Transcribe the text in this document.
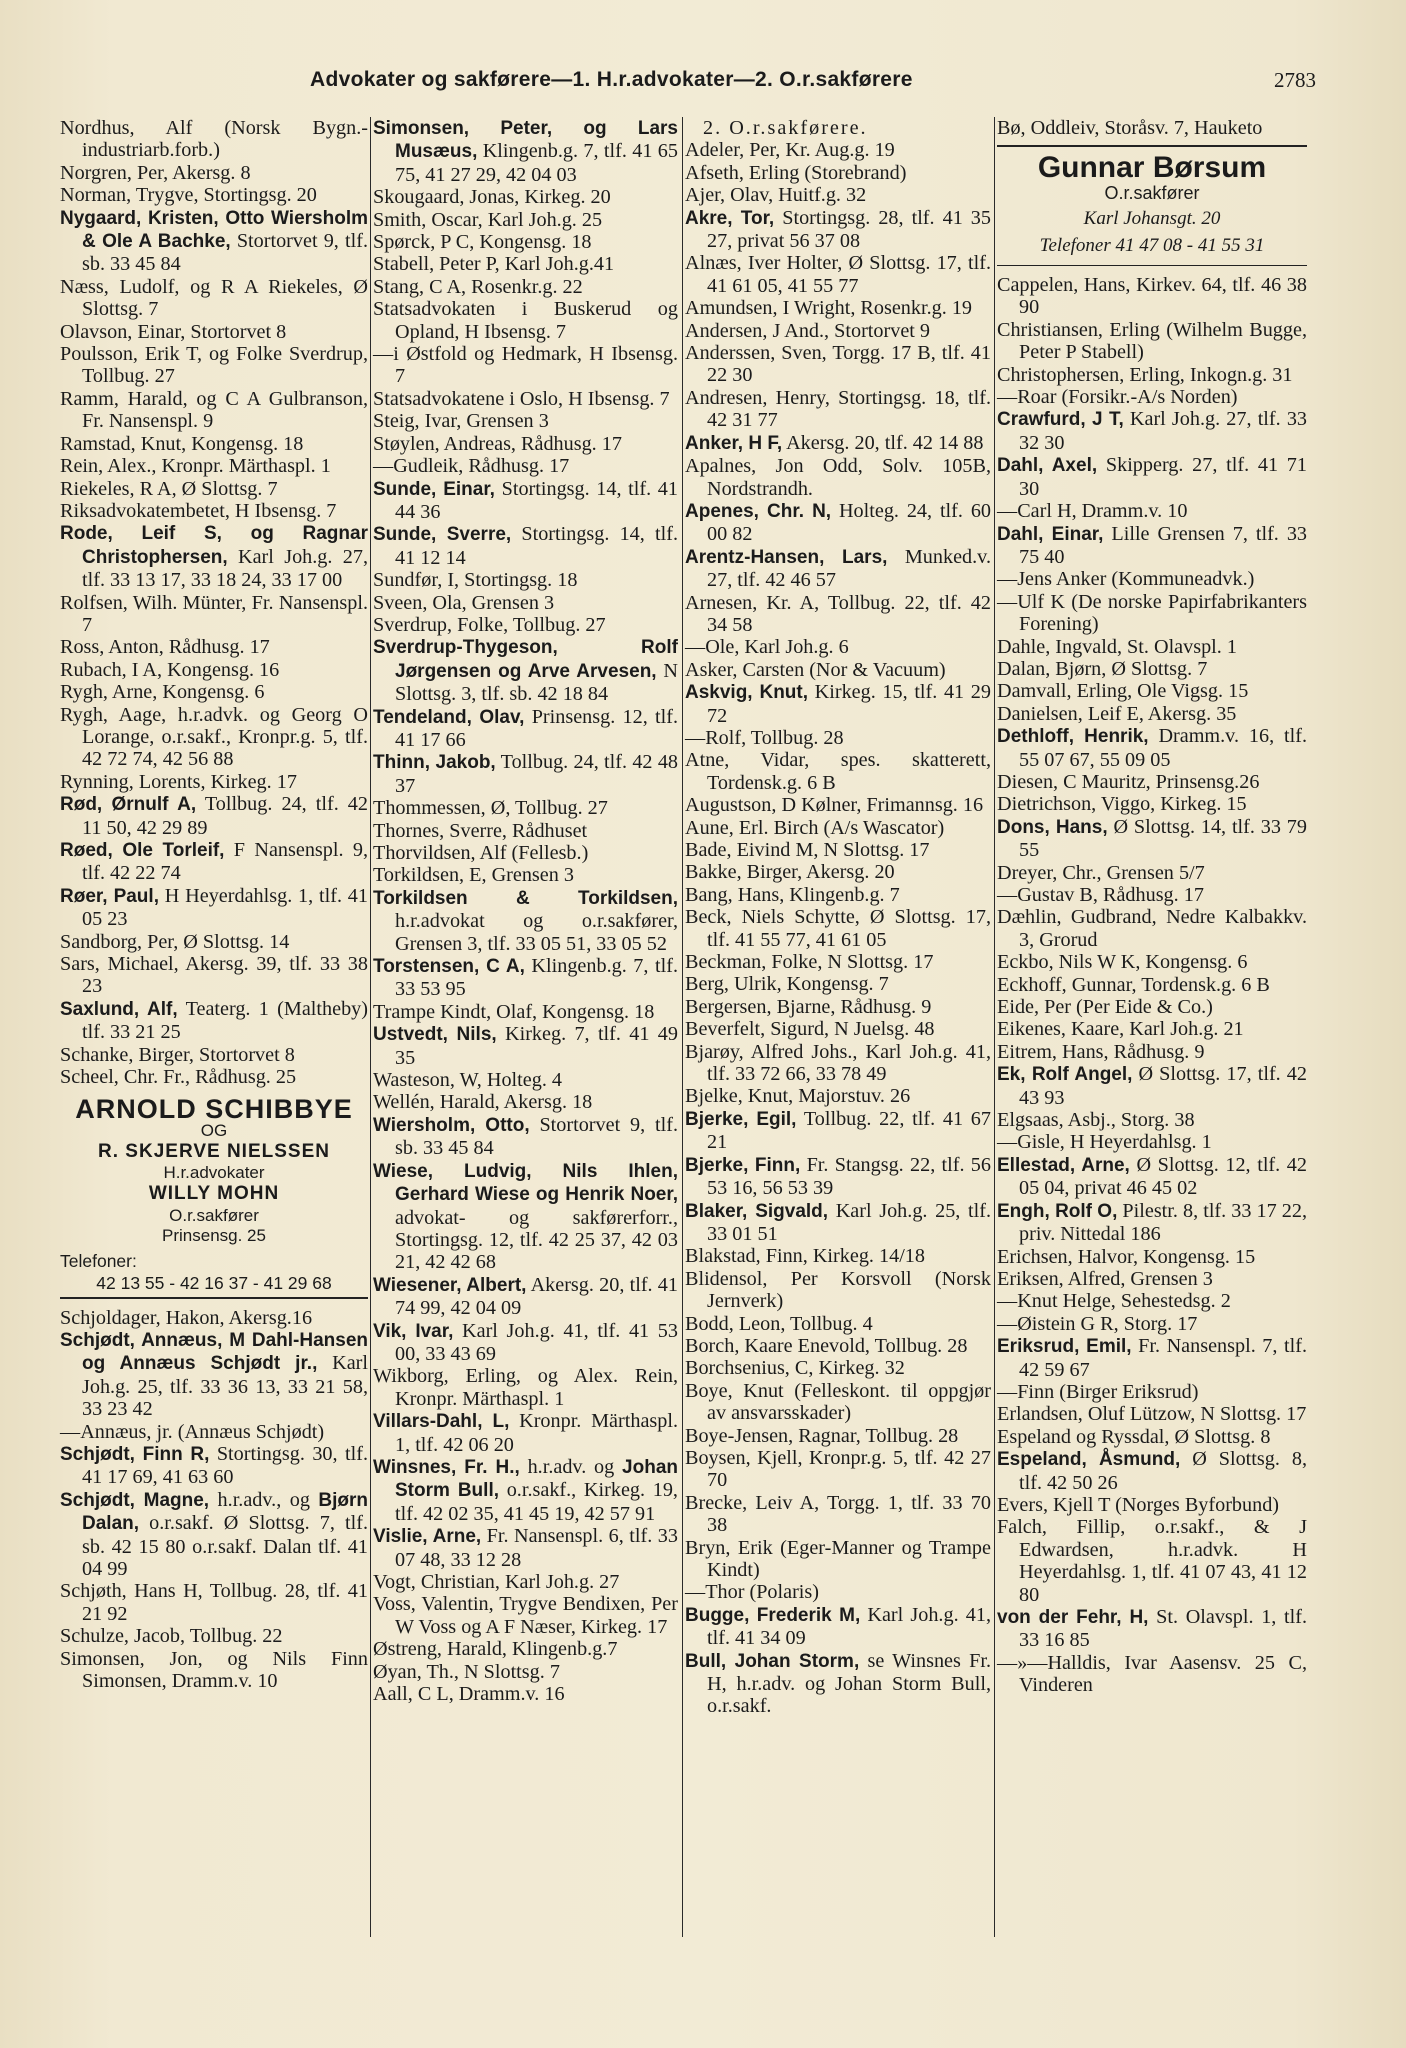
Advokater og sakførere—1. H.r.advokater—2. O.r.sakførere	2783
Nordhus, Alf (Norsk Bygn.-industriarb.forb.)
Norgren, Per, Akersg. 8
Norman, Trygve, Stortingsg. 20
Nygaard, Kristen, Otto Wiersholm & Ole A Bachke, Stortorvet 9, tlf. sb. 33 45 84
Næss, Ludolf, og R A Riekeles, Ø Slottsg. 7
Olavson, Einar, Stortorvet 8
Poulsson, Erik T, og Folke Sverdrup, Tollbug. 27
Ramm, Harald, og C A Gulbranson, Fr. Nansenspl. 9
Ramstad, Knut, Kongensg. 18
Rein, Alex., Kronpr. Märthaspl. 1
Riekeles, R A, Ø Slottsg. 7
Riksadvokatembetet, H Ibsensg. 7
Rode, Leif S, og Ragnar Christophersen, Karl Joh.g. 27, tlf. 33 13 17, 33 18 24, 33 17 00
Rolfsen, Wilh. Münter, Fr. Nansenspl. 7
Ross, Anton, Rådhusg. 17
Rubach, I A, Kongensg. 16
Rygh, Arne, Kongensg. 6
Rygh, Aage, h.r.advk. og Georg O Lorange, o.r.sakf., Kronpr.g. 5, tlf. 42 72 74, 42 56 88
Rynning, Lorents, Kirkeg. 17
Rød, Ørnulf A, Tollbug. 24, tlf. 42 11 50, 42 29 89
Røed, Ole Torleif, F Nansenspl. 9, tlf. 42 22 74
Røer, Paul, H Heyerdahlsg. 1, tlf. 41 05 23
Sandborg, Per, Ø Slottsg. 14
Sars, Michael, Akersg. 39, tlf. 33 38 23
Saxlund, Alf, Teaterg. 1 (Maltheby) tlf. 33 21 25
Schanke, Birger, Stortorvet 8
Scheel, Chr. Fr., Rådhusg. 25
ARNOLD SCHIBBYE
OG
R. SKJERVE NIELSSEN
H.r.advokater
WILLY MOHN
O.r.sakfører
Prinsensg. 25
Telefoner:
42 13 55 - 42 16 37 - 41 29 68
Schjoldager, Hakon, Akersg.16
Schjødt, Annæus, M Dahl-Hansen og Annæus Schjødt jr., Karl Joh.g. 25, tlf. 33 36 13, 33 21 58, 33 23 42
—Annæus, jr. (Annæus Schjødt)
Schjødt, Finn R, Stortingsg. 30, tlf. 41 17 69, 41 63 60
Schjødt, Magne, h.r.adv., og Bjørn Dalan, o.r.sakf. Ø Slottsg. 7, tlf. sb. 42 15 80 o.r.sakf. Dalan tlf. 41 04 99
Schjøth, Hans H, Tollbug. 28, tlf. 41 21 92
Schulze, Jacob, Tollbug. 22
Simonsen, Jon, og Nils Finn Simonsen, Dramm.v. 10
Simonsen, Peter, og Lars Musæus, Klingenb.g. 7, tlf. 41 65 75, 41 27 29, 42 04 03
Skougaard, Jonas, Kirkeg. 20
Smith, Oscar, Karl Joh.g. 25
Spørck, P C, Kongensg. 18
Stabell, Peter P, Karl Joh.g.41
Stang, C A, Rosenkr.g. 22
Statsadvokaten i Buskerud og Opland, H Ibsensg. 7
—i Østfold og Hedmark, H Ibsensg. 7
Statsadvokatene i Oslo, H Ibsensg. 7
Steig, Ivar, Grensen 3
Støylen, Andreas, Rådhusg. 17
—Gudleik, Rådhusg. 17
Sunde, Einar, Stortingsg. 14, tlf. 41 44 36
Sunde, Sverre, Stortingsg. 14, tlf. 41 12 14
Sundfør, I, Stortingsg. 18
Sveen, Ola, Grensen 3
Sverdrup, Folke, Tollbug. 27
Sverdrup-Thygeson, Rolf Jørgensen og Arve Arvesen, N Slottsg. 3, tlf. sb. 42 18 84
Tendeland, Olav, Prinsensg. 12, tlf. 41 17 66
Thinn, Jakob, Tollbug. 24, tlf. 42 48 37
Thommessen, Ø, Tollbug. 27
Thornes, Sverre, Rådhuset
Thorvildsen, Alf (Fellesb.)
Torkildsen, E, Grensen 3
Torkildsen & Torkildsen, h.r.advokat og o.r.sakfører, Grensen 3, tlf. 33 05 51, 33 05 52
Torstensen, C A, Klingenb.g. 7, tlf. 33 53 95
Trampe Kindt, Olaf, Kongensg. 18
Ustvedt, Nils, Kirkeg. 7, tlf. 41 49 35
Wasteson, W, Holteg. 4
Wellén, Harald, Akersg. 18
Wiersholm, Otto, Stortorvet 9, tlf. sb. 33 45 84
Wiese, Ludvig, Nils Ihlen, Gerhard Wiese og Henrik Noer, advokat- og sakførerforr., Stortingsg. 12, tlf. 42 25 37, 42 03 21, 42 42 68
Wiesener, Albert, Akersg. 20, tlf. 41 74 99, 42 04 09
Vik, Ivar, Karl Joh.g. 41, tlf. 41 53 00, 33 43 69
Wikborg, Erling, og Alex. Rein, Kronpr. Märthaspl. 1
Villars-Dahl, L, Kronpr. Märthaspl. 1, tlf. 42 06 20
Winsnes, Fr. H., h.r.adv. og Johan Storm Bull, o.r.sakf., Kirkeg. 19, tlf. 42 02 35, 41 45 19, 42 57 91
Vislie, Arne, Fr. Nansenspl. 6, tlf. 33 07 48, 33 12 28
Vogt, Christian, Karl Joh.g. 27
Voss, Valentin, Trygve Bendixen, Per W Voss og A F Næser, Kirkeg. 17
Østreng, Harald, Klingenb.g.7
Øyan, Th., N Slottsg. 7
Aall, C L, Dramm.v. 16
2. O.r.sakførere.
Adeler, Per, Kr. Aug.g. 19
Afseth, Erling (Storebrand)
Ajer, Olav, Huitf.g. 32
Akre, Tor, Stortingsg. 28, tlf. 41 35 27, privat 56 37 08
Alnæs, Iver Holter, Ø Slottsg. 17, tlf. 41 61 05, 41 55 77
Amundsen, I Wright, Rosenkr.g. 19
Andersen, J And., Stortorvet 9
Anderssen, Sven, Torgg. 17 B, tlf. 41 22 30
Andresen, Henry, Stortingsg. 18, tlf. 42 31 77
Anker, H F, Akersg. 20, tlf. 42 14 88
Apalnes, Jon Odd, Solv. 105B, Nordstrandh.
Apenes, Chr. N, Holteg. 24, tlf. 60 00 82
Arentz-Hansen, Lars, Munked.v. 27, tlf. 42 46 57
Arnesen, Kr. A, Tollbug. 22, tlf. 42 34 58
—Ole, Karl Joh.g. 6
Asker, Carsten (Nor & Vacuum)
Askvig, Knut, Kirkeg. 15, tlf. 41 29 72
—Rolf, Tollbug. 28
Atne, Vidar, spes. skatterett, Tordensk.g. 6 B
Augustson, D Kølner, Frimannsg. 16
Aune, Erl. Birch (A/s Wascator)
Bade, Eivind M, N Slottsg. 17
Bakke, Birger, Akersg. 20
Bang, Hans, Klingenb.g. 7
Beck, Niels Schytte, Ø Slottsg. 17, tlf. 41 55 77, 41 61 05
Beckman, Folke, N Slottsg. 17
Berg, Ulrik, Kongensg. 7
Bergersen, Bjarne, Rådhusg. 9
Beverfelt, Sigurd, N Juelsg. 48
Bjarøy, Alfred Johs., Karl Joh.g. 41, tlf. 33 72 66, 33 78 49
Bjelke, Knut, Majorstuv. 26
Bjerke, Egil, Tollbug. 22, tlf. 41 67 21
Bjerke, Finn, Fr. Stangsg. 22, tlf. 56 53 16, 56 53 39
Blaker, Sigvald, Karl Joh.g. 25, tlf. 33 01 51
Blakstad, Finn, Kirkeg. 14/18
Blidensol, Per Korsvoll (Norsk Jernverk)
Bodd, Leon, Tollbug. 4
Borch, Kaare Enevold, Tollbug. 28
Borchsenius, C, Kirkeg. 32
Boye, Knut (Felleskont. til oppgjør av ansvarsskader)
Boye-Jensen, Ragnar, Tollbug. 28
Boysen, Kjell, Kronpr.g. 5, tlf. 42 27 70
Brecke, Leiv A, Torgg. 1, tlf. 33 70 38
Bryn, Erik (Eger-Manner og Trampe Kindt)
—Thor (Polaris)
Bugge, Frederik M, Karl Joh.g. 41, tlf. 41 34 09
Bull, Johan Storm, se Winsnes Fr. H, h.r.adv. og Johan Storm Bull, o.r.sakf.
Bø, Oddleiv, Storåsv. 7, Hauketo
Gunnar Børsum
O.r.sakfører
Karl Johansgt. 20
Telefoner 41 47 08 - 41 55 31
Cappelen, Hans, Kirkev. 64, tlf. 46 38 90
Christiansen, Erling (Wilhelm Bugge, Peter P Stabell)
Christophersen, Erling, Inkogn.g. 31
—Roar (Forsikr.-A/s Norden)
Crawfurd, J T, Karl Joh.g. 27, tlf. 33 32 30
Dahl, Axel, Skipperg. 27, tlf. 41 71 30
—Carl H, Dramm.v. 10
Dahl, Einar, Lille Grensen 7, tlf. 33 75 40
—Jens Anker (Kommuneadvk.)
—Ulf K (De norske Papirfabrikanters Forening)
Dahle, Ingvald, St. Olavspl. 1
Dalan, Bjørn, Ø Slottsg. 7
Damvall, Erling, Ole Vigsg. 15
Danielsen, Leif E, Akersg. 35
Dethloff, Henrik, Dramm.v. 16, tlf. 55 07 67, 55 09 05
Diesen, C Mauritz, Prinsensg.26
Dietrichson, Viggo, Kirkeg. 15
Dons, Hans, Ø Slottsg. 14, tlf. 33 79 55
Dreyer, Chr., Grensen 5/7
—Gustav B, Rådhusg. 17
Dæhlin, Gudbrand, Nedre Kalbakkv. 3, Grorud
Eckbo, Nils W K, Kongensg. 6
Eckhoff, Gunnar, Tordensk.g. 6 B
Eide, Per (Per Eide & Co.)
Eikenes, Kaare, Karl Joh.g. 21
Eitrem, Hans, Rådhusg. 9
Ek, Rolf Angel, Ø Slottsg. 17, tlf. 42 43 93
Elgsaas, Asbj., Storg. 38
—Gisle, H Heyerdahlsg. 1
Ellestad, Arne, Ø Slottsg. 12, tlf. 42 05 04, privat 46 45 02
Engh, Rolf O, Pilestr. 8, tlf. 33 17 22, priv. Nittedal 186
Erichsen, Halvor, Kongensg. 15
Eriksen, Alfred, Grensen 3
—Knut Helge, Sehestedsg. 2
—Øistein G R, Storg. 17
Eriksrud, Emil, Fr. Nansenspl. 7, tlf. 42 59 67
—Finn (Birger Eriksrud)
Erlandsen, Oluf Lützow, N Slottsg. 17
Espeland og Ryssdal, Ø Slottsg. 8
Espeland, Åsmund, Ø Slottsg. 8, tlf. 42 50 26
Evers, Kjell T (Norges Byforbund)
Falch, Fillip, o.r.sakf., & J Edwardsen, h.r.advk. H Heyerdahlsg. 1, tlf. 41 07 43, 41 12 80
von der Fehr, H, St. Olavspl. 1, tlf. 33 16 85
—»—Halldis, Ivar Aasensv. 25 C, Vinderen
